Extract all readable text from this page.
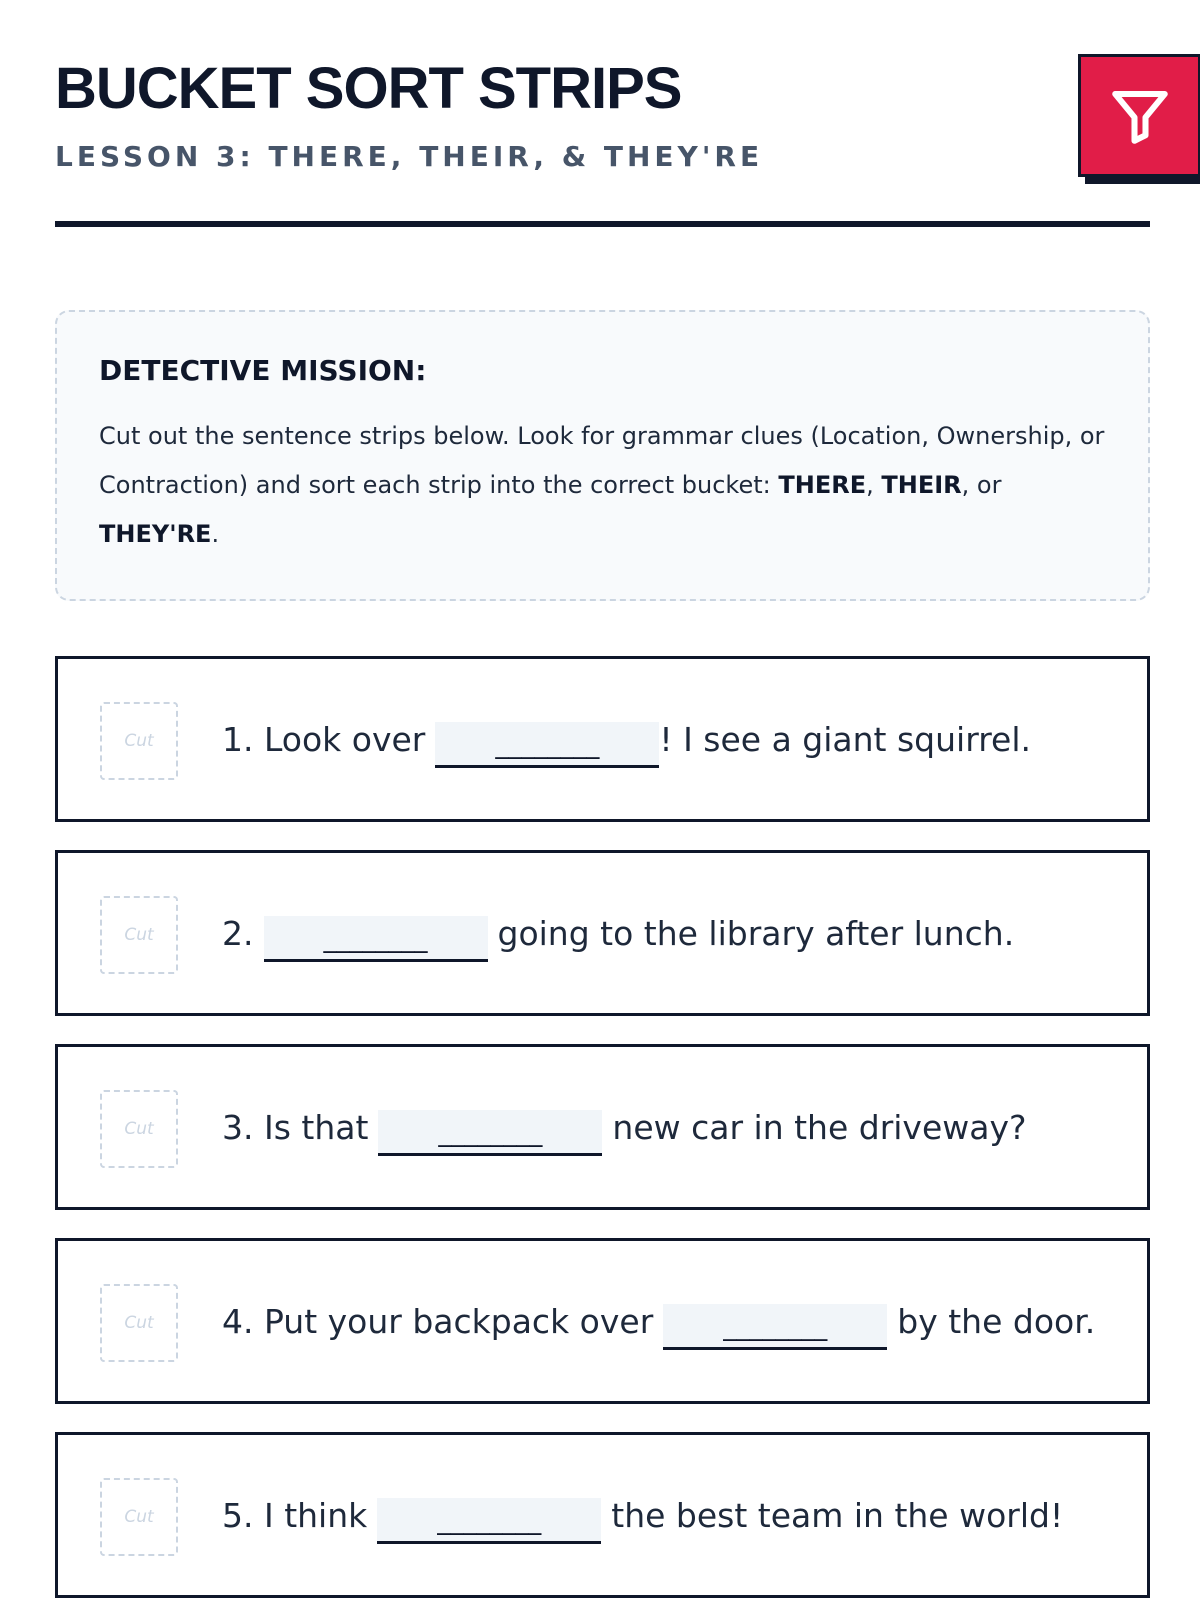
BUCKET SORT STRIPS
LESSON 3: THERE, THEIR, & THEY'RE
DETECTIVE MISSION:

Cut out the sentence strips below. Look for grammar clues (Location, Ownership, or Contraction) and sort each strip into the correct bucket: THERE, THEIR, or THEY'RE.

Cut	1. Look over	________	! I see a giant squirrel.
Cut	2.	________	going to the library after lunch.
Cut	3. Is that	________	new car in the driveway?
Cut	4. Put your backpack over	________	by the door.
Cut	5. I think	________	the best team in the world!
